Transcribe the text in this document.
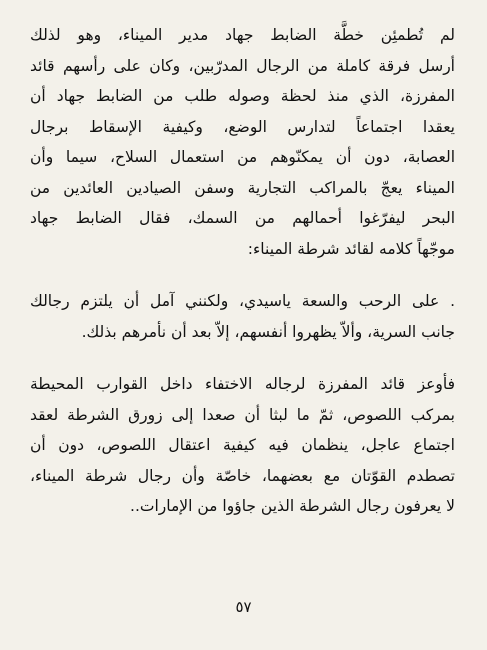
لم تُطمئِن خطَّة الضابط جهاد مدير الميناء، وهو لذلك
أرسل فرقة كاملة من الرجال المدرّبين، وكان على رأسهم قائد
المفرزة، الذي منذ لحظة وصوله طلب من الضابط جهاد أن
يعقدا اجتماعاً لتدارس الوضع، وكيفية الإسقاط برجال
العصابة، دون أن يمكنّوهم من استعمال السلاح، سيما وأن
الميناء يعجّ بالمراكب التجارية وسفن الصيادين العائدين من
البحر ليفرّغوا أحمالهم من السمك، فقال الضابط جهاد
موجّهاً كلامه لقائد شرطة الميناء:
. على الرحب والسعة ياسيدي، ولكنني آمل أن يلتزم رجالك
جانب السرية، وألاّ يظهروا أنفسهم، إلاّ بعد أن نأمرهم بذلك.
فأوعز قائد المفرزة لرجاله الاختفاء داخل القوارب المحيطة
بمركب اللصوص، ثمّ ما لبثا أن صعدا إلى زورق الشرطة لعقد
اجتماع عاجل، ينظمان فيه كيفية اعتقال اللصوص، دون أن
تصطدم القوّتان مع بعضهما، خاصّة وأن رجال شرطة الميناء،
لا يعرفون رجال الشرطة الذين جاؤوا من الإمارات..
٥٧
